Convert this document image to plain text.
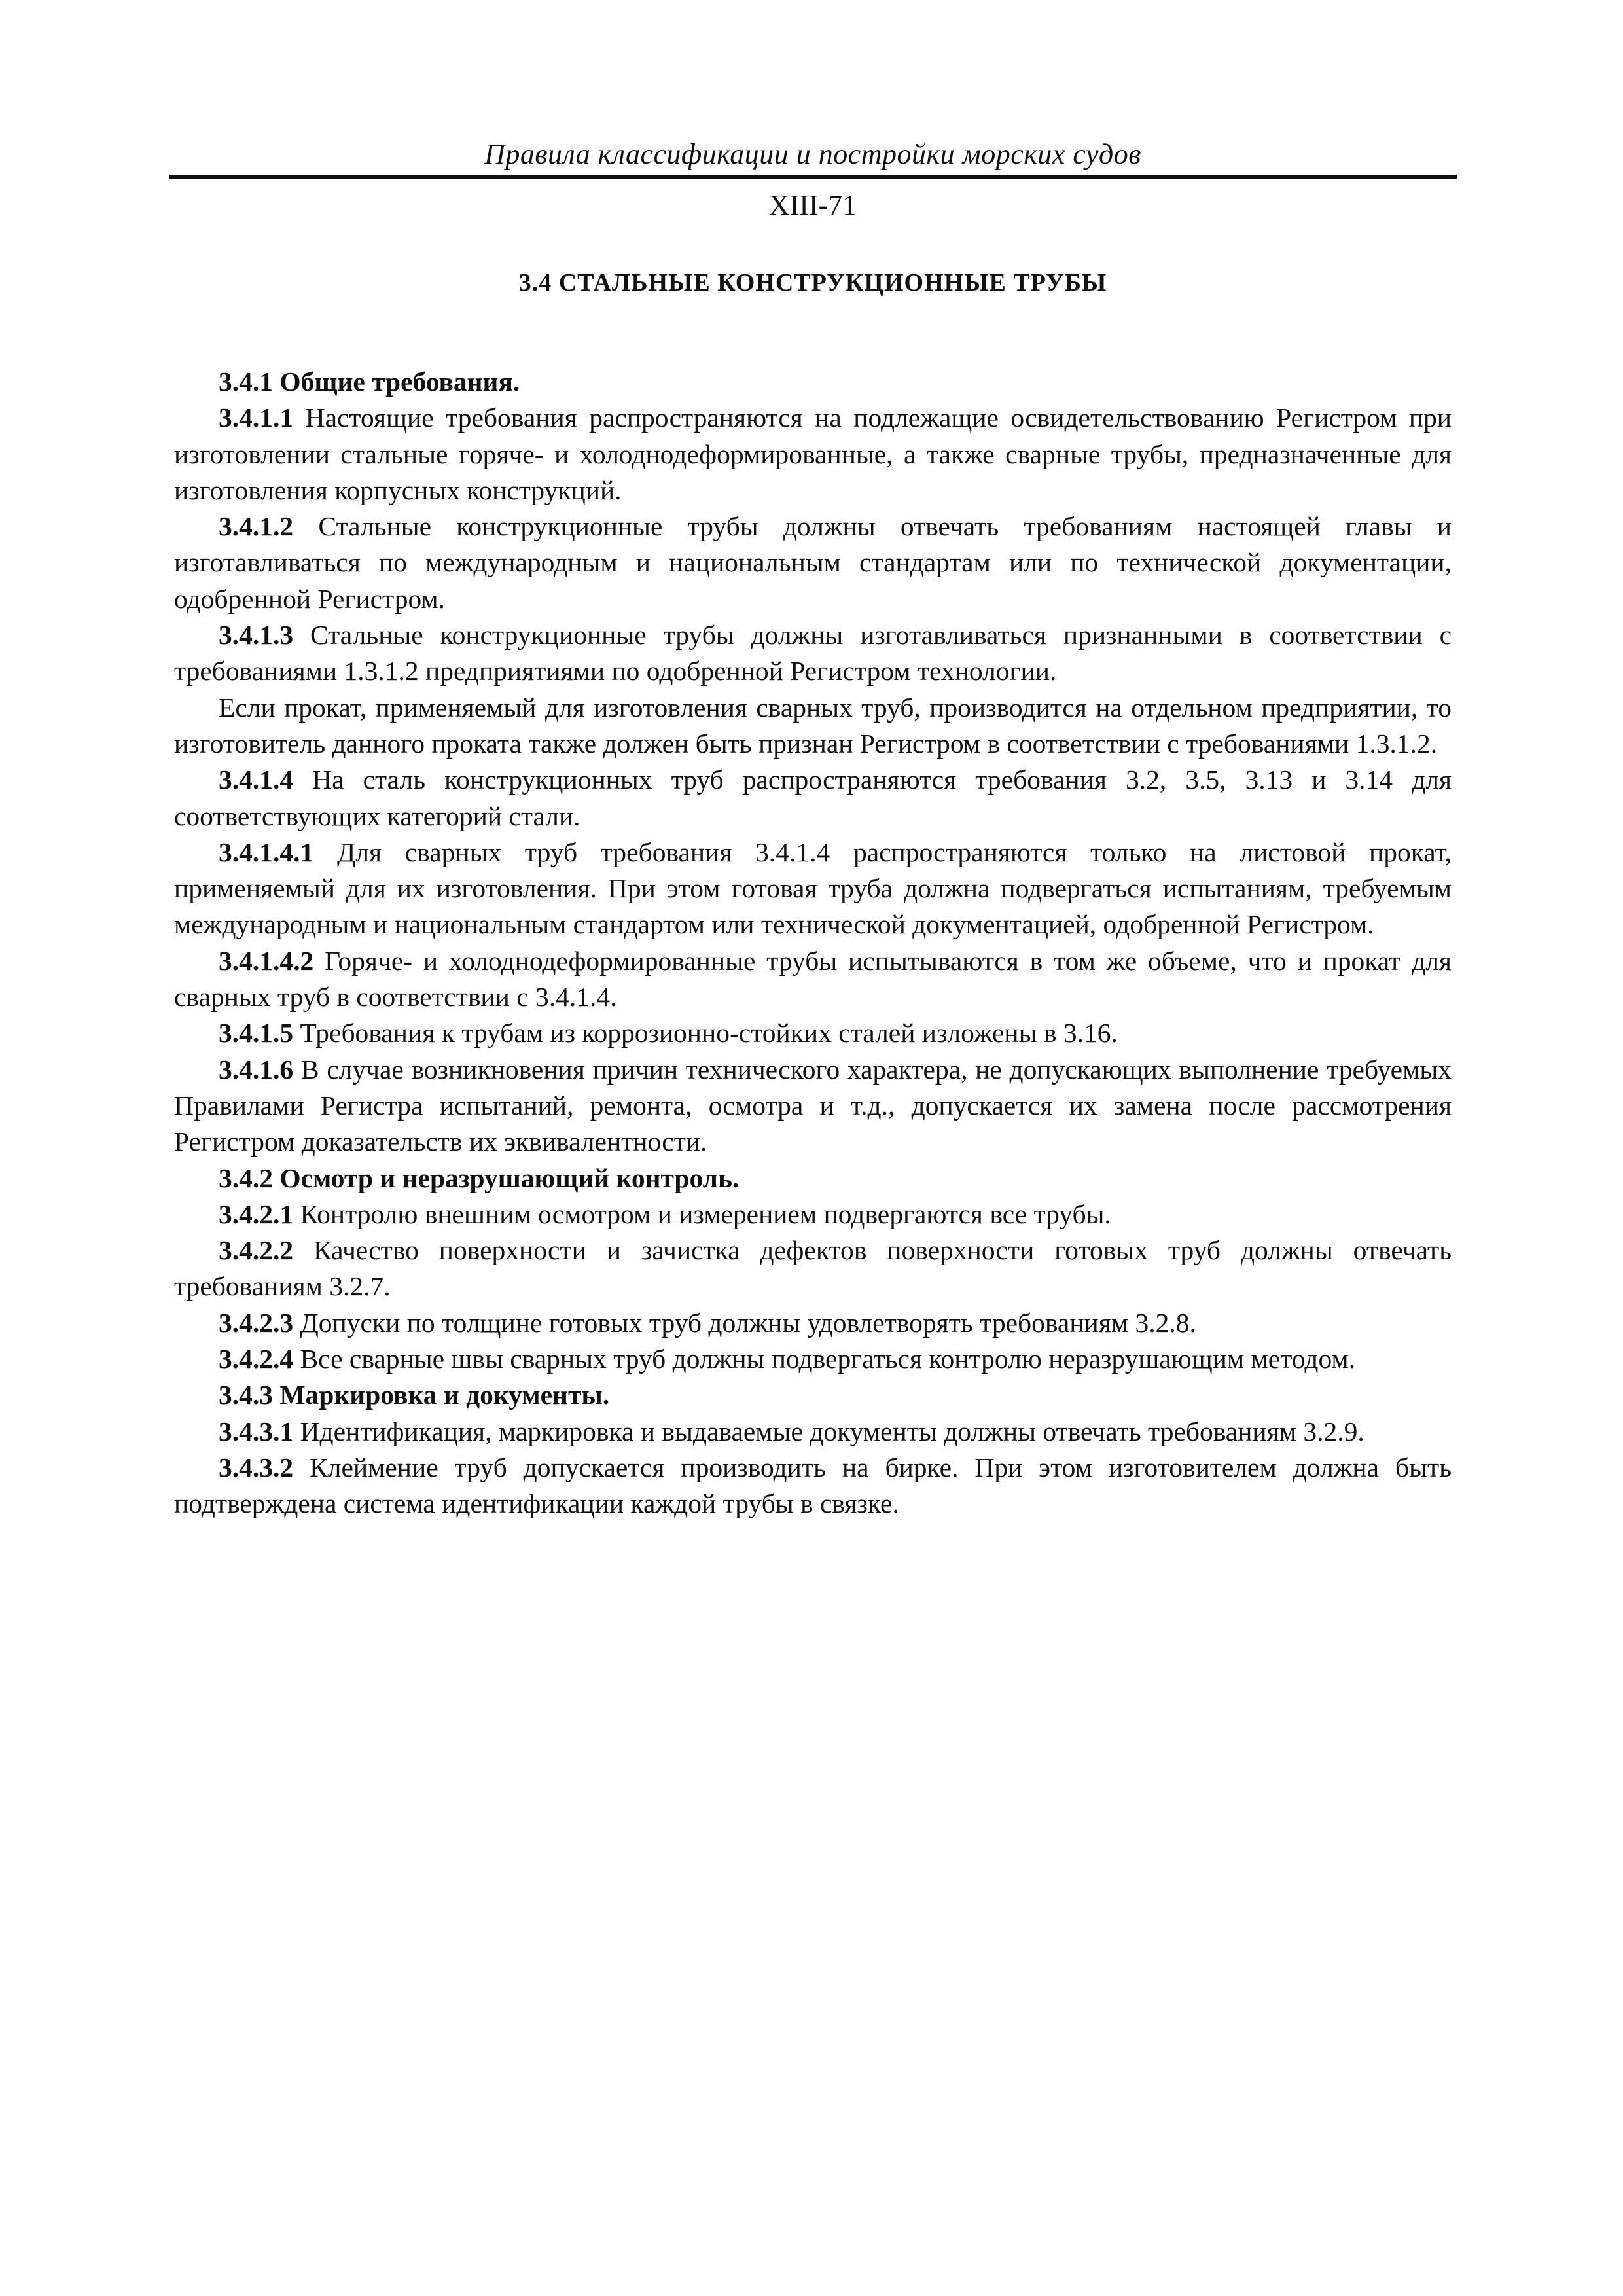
Правила классификации и постройки морских судов
XIII-71
3.4 СТАЛЬНЫЕ КОНСТРУКЦИОННЫЕ ТРУБЫ

3.4.1 Общие требования.

3.4.1.1 Настоящие требования распространяются на подлежащие освидетельствованию Регистром при изготовлении стальные горяче- и холоднодеформированные, а также сварные трубы, предназначенные для изготовления корпусных конструкций.

3.4.1.2 Стальные конструкционные трубы должны отвечать требованиям настоящей главы и изготавливаться по международным и национальным стандартам или по технической документации, одобренной Регистром.

3.4.1.3 Стальные конструкционные трубы должны изготавливаться признанными в соответствии с требованиями 1.3.1.2 предприятиями по одобренной Регистром технологии.

Если прокат, применяемый для изготовления сварных труб, производится на отдельном предприятии, то изготовитель данного проката также должен быть признан Регистром в соответствии с требованиями 1.3.1.2.

3.4.1.4 На сталь конструкционных труб распространяются требования 3.2, 3.5, 3.13 и 3.14 для соответствующих категорий стали.

3.4.1.4.1 Для сварных труб требования 3.4.1.4 распространяются только на листовой прокат, применяемый для их изготовления. При этом готовая труба должна подвергаться испытаниям, требуемым международным и национальным стандартом или технической документацией, одобренной Регистром.

3.4.1.4.2 Горяче- и холоднодеформированные трубы испытываются в том же объеме, что и прокат для сварных труб в соответствии с 3.4.1.4.

3.4.1.5 Требования к трубам из коррозионно-стойких сталей изложены в 3.16.

3.4.1.6 В случае возникновения причин технического характера, не допускающих выполнение требуемых Правилами Регистра испытаний, ремонта, осмотра и т.д., допускается их замена после рассмотрения Регистром доказательств их эквивалентности.

3.4.2 Осмотр и неразрушающий контроль.

3.4.2.1 Контролю внешним осмотром и измерением подвергаются все трубы.

3.4.2.2 Качество поверхности и зачистка дефектов поверхности готовых труб должны отвечать требованиям 3.2.7.

3.4.2.3 Допуски по толщине готовых труб должны удовлетворять требованиям 3.2.8.

3.4.2.4 Все сварные швы сварных труб должны подвергаться контролю неразрушающим методом.

3.4.3 Маркировка и документы.

3.4.3.1 Идентификация, маркировка и выдаваемые документы должны отвечать требованиям 3.2.9.

3.4.3.2 Клеймение труб допускается производить на бирке. При этом изготовителем должна быть подтверждена система идентификации каждой трубы в связке.
